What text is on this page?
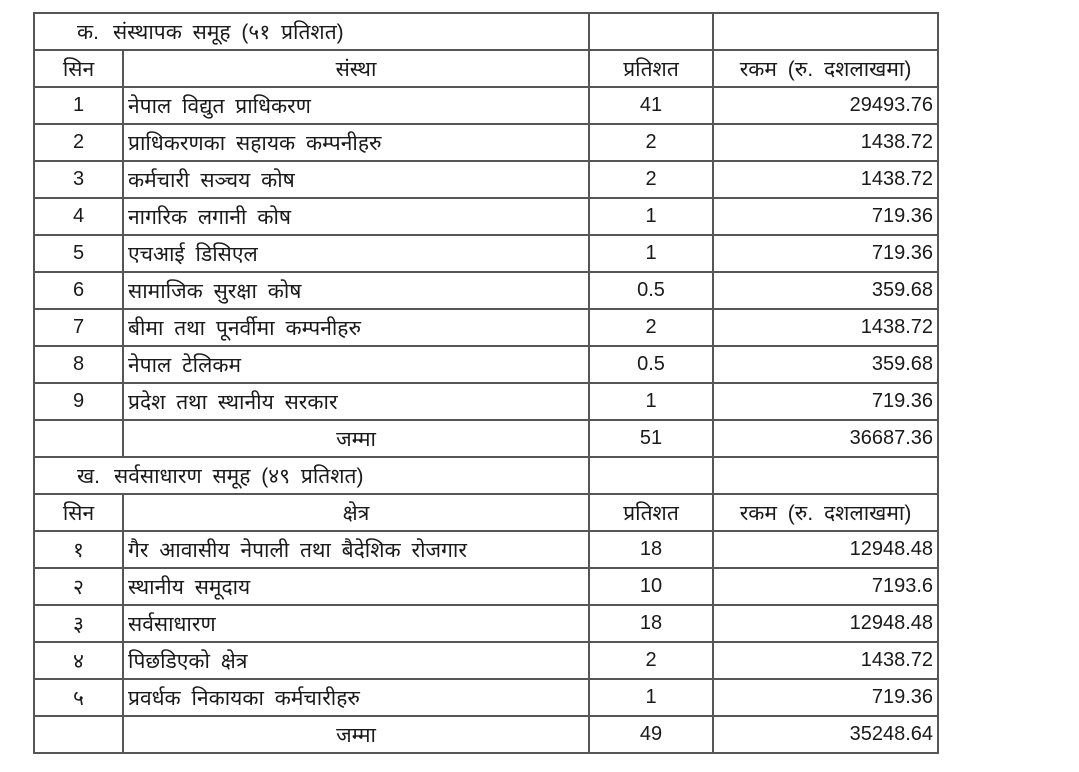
क. संस्थापक समूह (५१ प्रतिशत)			
सिन	संस्था	प्रतिशत	रकम (रु. दशलाखमा)
1	नेपाल विद्युत प्राधिकरण	41	29493.76
2	प्राधिकरणका सहायक कम्पनीहरु	2	1438.72
3	कर्मचारी सञ्चय कोष	2	1438.72
4	नागरिक लगानी कोष	1	719.36
5	एचआई डिसिएल	1	719.36
6	सामाजिक सुरक्षा कोष	0.5	359.68
7	बीमा तथा पूनर्वीमा कम्पनीहरु	2	1438.72
8	नेपाल टेलिकम	0.5	359.68
9	प्रदेश तथा स्थानीय सरकार	1	719.36
	जम्मा	51	36687.36
ख. सर्वसाधारण समूह (४९ प्रतिशत)			
सिन	क्षेत्र	प्रतिशत	रकम (रु. दशलाखमा)
१	गैर आवासीय नेपाली तथा बैदेशिक रोजगार	18	12948.48
२	स्थानीय समूदाय	10	7193.6
३	सर्वसाधारण	18	12948.48
४	पिछडिएको क्षेत्र	2	1438.72
५	प्रवर्धक निकायका कर्मचारीहरु	1	719.36
	जम्मा	49	35248.64
